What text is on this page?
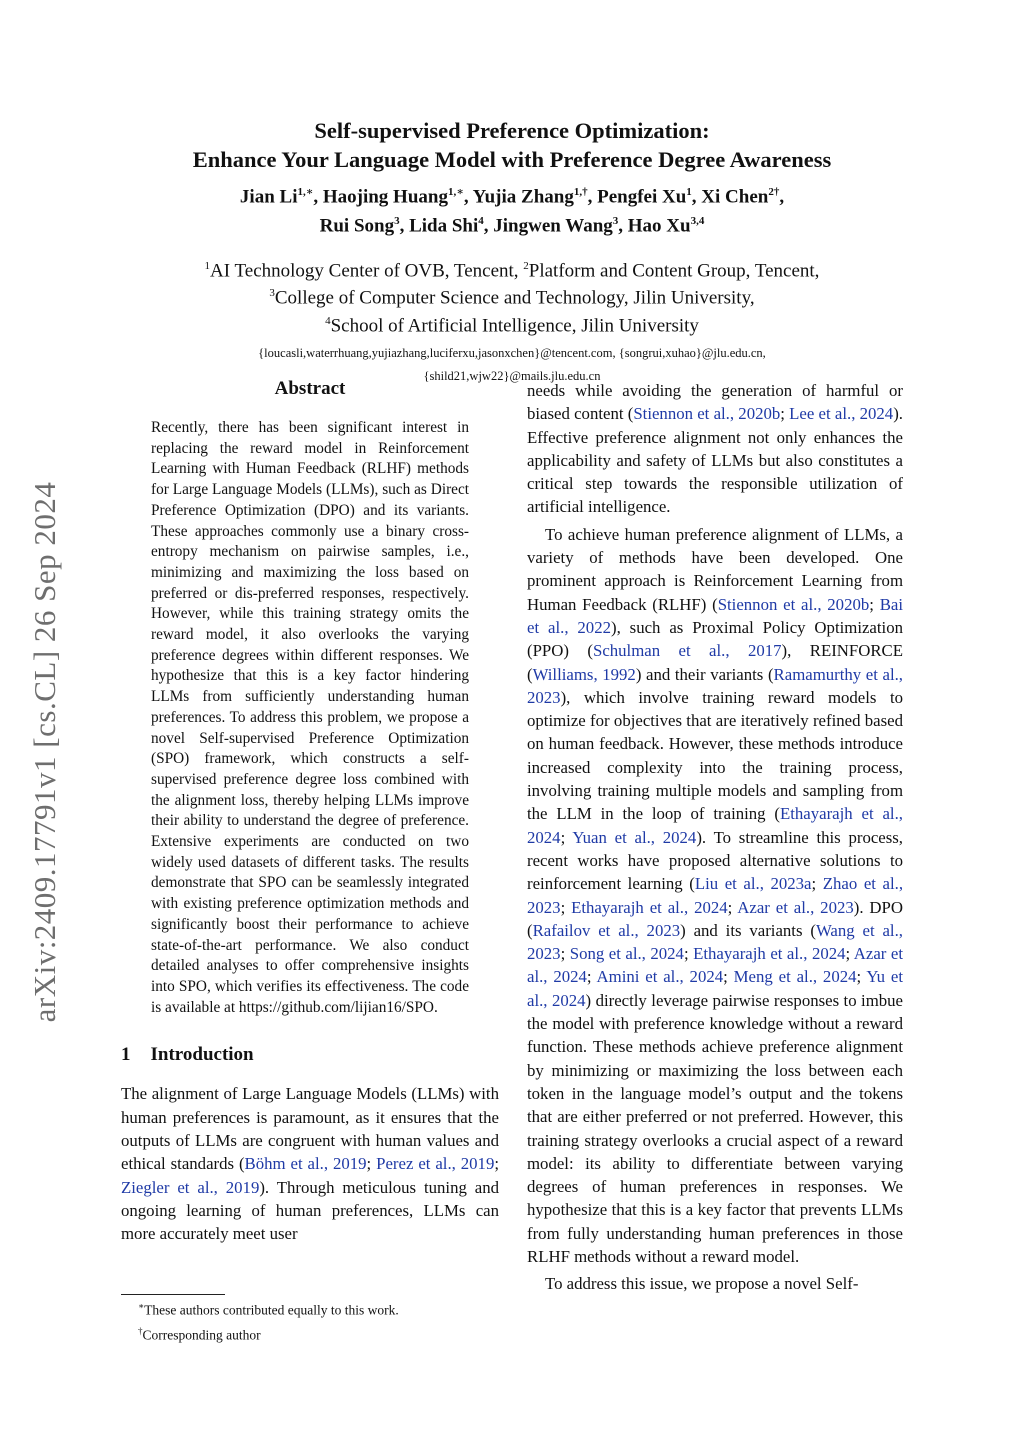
arXiv:2409.17791v1 [cs.CL] 26 Sep 2024
Self-supervised Preference Optimization:
Enhance Your Language Model with Preference Degree Awareness
Jian $Li^{1,∗}$, Haojing Huang$^{1,∗}$, Yujia Zhang$^{1,\dagger}$, Pengfei Xu$^1$, Xi Chen$^{2\dagger}$,
Rui Song$^3$, Lida Shi$^4$, Jingwen Wang$^3$, Hao Xu$^{3,4}$
$^1$AI Technology Center of OVB, Tencent, $^2$Platform and Content Group, Tencent,
$^3$College of Computer Science and Technology, Jilin University,
$^4$School of Artificial Intelligence, Jilin University
{loucasli,waterrhuang,yujiazhang,luciferxu,jasonxchen}@tencent.com, {songrui,xuhao}@jlu.edu.cn,
{shild21,wjw22}@mails.jlu.edu.cn
Abstract

Recently, there has been significant interest in replacing the reward model in Reinforcement Learning with Human Feedback (RLHF) methods for Large Language Models (LLMs), such as Direct Preference Optimization (DPO) and its variants. These approaches commonly use a binary cross-entropy mechanism on pairwise samples, i.e., minimizing and maximizing the loss based on preferred or dis-preferred responses, respectively. However, while this training strategy omits the reward model, it also overlooks the varying preference degrees within different responses. We hypothesize that this is a key factor hindering LLMs from sufficiently understanding human preferences. To address this problem, we propose a novel Self-supervised Preference Optimization (SPO) framework, which constructs a self-supervised preference degree loss combined with the alignment loss, thereby helping LLMs improve their ability to understand the degree of preference. Extensive experiments are conducted on two widely used datasets of different tasks. The results demonstrate that SPO can be seamlessly integrated with existing preference optimization methods and significantly boost their performance to achieve state-of-the-art performance. We also conduct detailed analyses to offer comprehensive insights into SPO, which verifies its effectiveness. The code is available at https://github.com/lijian16/SPO.

1 Introduction

The alignment of Large Language Models (LLMs) with human preferences is paramount, as it ensures that the outputs of LLMs are congruent with human values and ethical standards (Böhm et al., 2019; Perez et al., 2019; Ziegler et al., 2019). Through meticulous tuning and ongoing learning of human preferences, LLMs can more accurately meet user

∗These authors contributed equally to this work.
†Corresponding author

needs while avoiding the generation of harmful or biased content (Stiennon et al., 2020b; Lee et al., 2024). Effective preference alignment not only enhances the applicability and safety of LLMs but also constitutes a critical step towards the responsible utilization of artificial intelligence.

To achieve human preference alignment of LLMs, a variety of methods have been developed. One prominent approach is Reinforcement Learning from Human Feedback (RLHF) (Stiennon et al., 2020b; Bai et al., 2022), such as Proximal Policy Optimization (PPO) (Schulman et al., 2017), REINFORCE (Williams, 1992) and their variants (Ramamurthy et al., 2023), which involve training reward models to optimize for objectives that are iteratively refined based on human feedback. However, these methods introduce increased complexity into the training process, involving training multiple models and sampling from the LLM in the loop of training (Ethayarajh et al., 2024; Yuan et al., 2024). To streamline this process, recent works have proposed alternative solutions to reinforcement learning (Liu et al., 2023a; Zhao et al., 2023; Ethayarajh et al., 2024; Azar et al., 2023). DPO (Rafailov et al., 2023) and its variants (Wang et al., 2023; Song et al., 2024; Ethayarajh et al., 2024; Azar et al., 2024; Amini et al., 2024; Meng et al., 2024; Yu et al., 2024) directly leverage pairwise responses to imbue the model with preference knowledge without a reward function. These methods achieve preference alignment by minimizing or maximizing the loss between each token in the language model’s output and the tokens that are either preferred or not preferred. However, this training strategy overlooks a crucial aspect of a reward model: its ability to differentiate between varying degrees of human preferences in responses. We hypothesize that this is a key factor that prevents LLMs from fully understanding human preferences in those RLHF methods without a reward model.

To address this issue, we propose a novel Self-
